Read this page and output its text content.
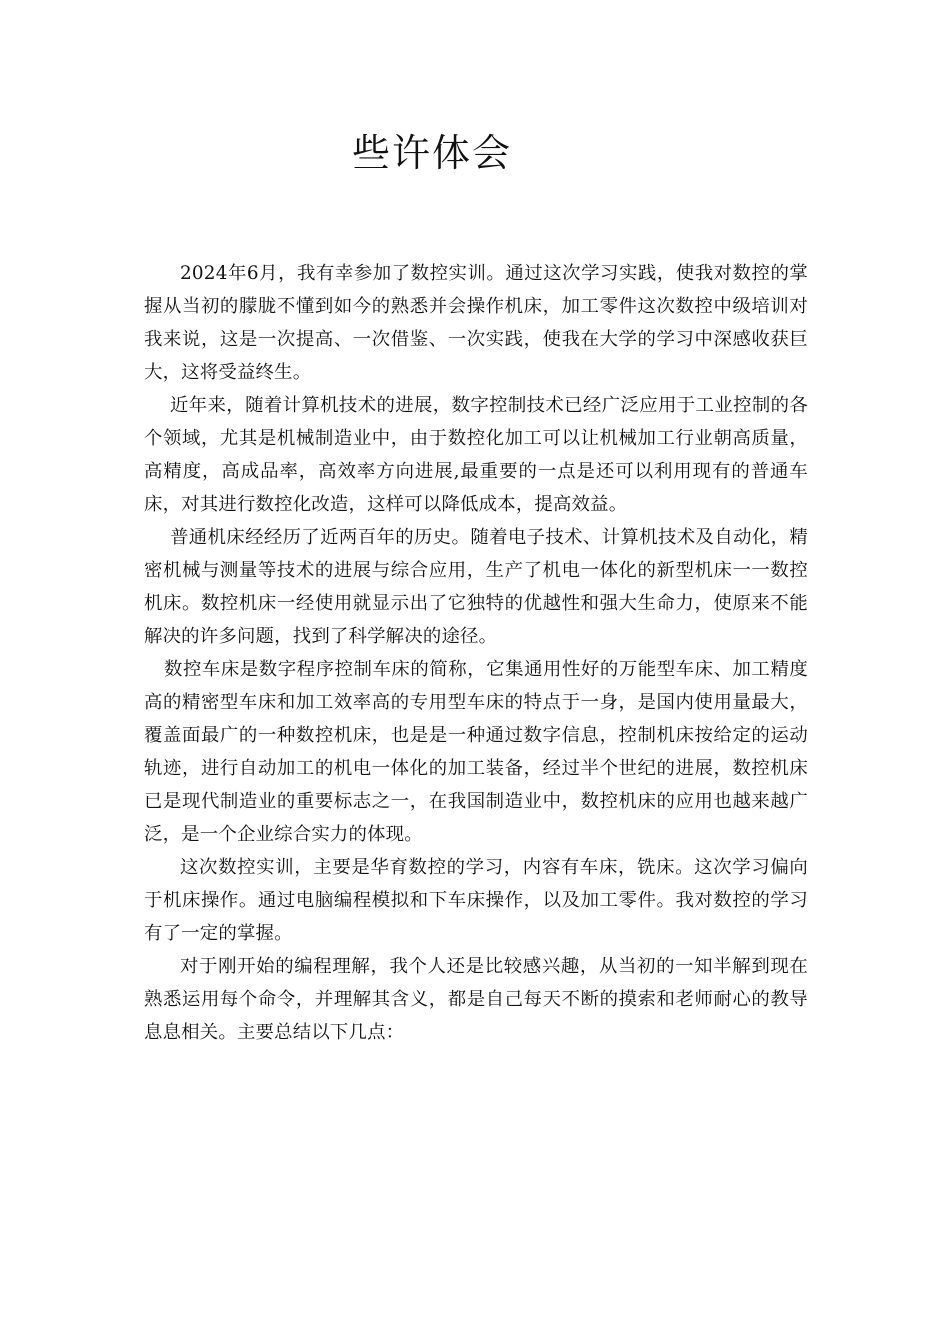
些许体会

2024年6月，我有幸参加了数控实训。通过这次学习实践，使我对数控的掌握从当初的朦胧不懂到如今的熟悉并会操作机床，加工零件这次数控中级培训对我来说，这是一次提高、一次借鉴、一次实践，使我在大学的学习中深感收获巨大，这将受益终生。

近年来，随着计算机技术的进展，数字控制技术已经广泛应用于工业控制的各个领域，尤其是机械制造业中，由于数控化加工可以让机械加工行业朝高质量，高精度，高成品率，高效率方向进展,最重要的一点是还可以利用现有的普通车床，对其进行数控化改造，这样可以降低成本，提高效益。

普通机床经经历了近两百年的历史。随着电子技术、计算机技术及自动化，精密机械与测量等技术的进展与综合应用，生产了机电一体化的新型机床一一数控机床。数控机床一经使用就显示出了它独特的优越性和强大生命力，使原来不能解决的许多问题，找到了科学解决的途径。

数控车床是数字程序控制车床的简称，它集通用性好的万能型车床、加工精度高的精密型车床和加工效率高的专用型车床的特点于一身，是国内使用量最大，覆盖面最广的一种数控机床，也是是一种通过数字信息，控制机床按给定的运动轨迹，进行自动加工的机电一体化的加工装备，经过半个世纪的进展，数控机床已是现代制造业的重要标志之一，在我国制造业中，数控机床的应用也越来越广泛，是一个企业综合实力的体现。

这次数控实训，主要是华育数控的学习，内容有车床，铣床。这次学习偏向于机床操作。通过电脑编程模拟和下车床操作，以及加工零件。我对数控的学习有了一定的掌握。

对于刚开始的编程理解，我个人还是比较感兴趣，从当初的一知半解到现在熟悉运用每个命令，并理解其含义，都是自己每天不断的摸索和老师耐心的教导息息相关。主要总结以下几点：
